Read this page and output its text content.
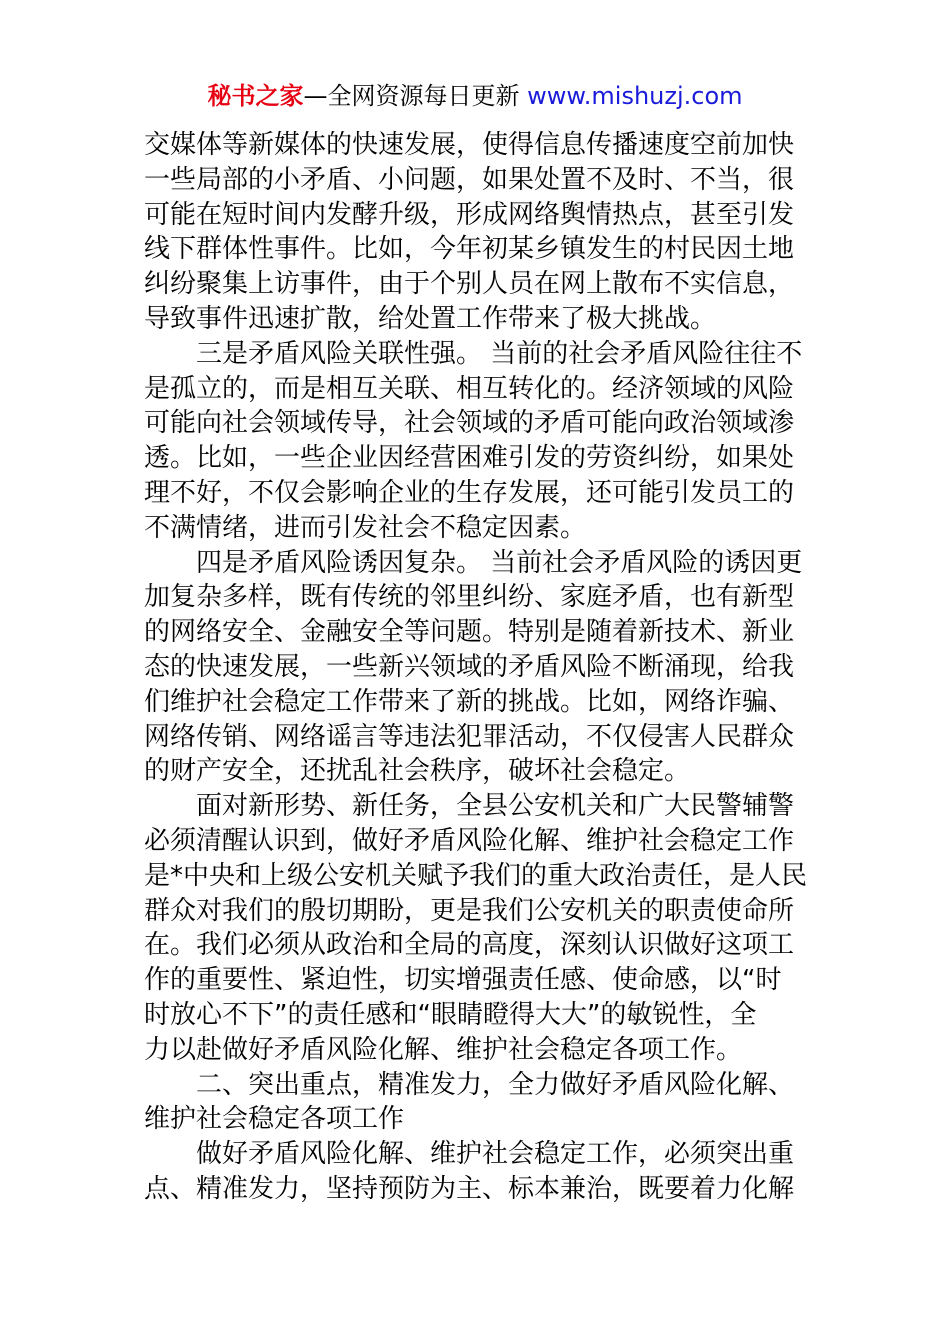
秘书之家—全网资源每日更新 www.mishuzj.com
交媒体等新媒体的快速发展，使得信息传播速度空前加快
一些局部的小矛盾、小问题，如果处置不及时、不当，很
可能在短时间内发酵升级，形成网络舆情热点，甚至引发
线下群体性事件。比如，今年初某乡镇发生的村民因土地
纠纷聚集上访事件，由于个别人员在网上散布不实信息，
导致事件迅速扩散，给处置工作带来了极大挑战。
三是矛盾风险关联性强。 当前的社会矛盾风险往往不
是孤立的，而是相互关联、相互转化的。经济领域的风险
可能向社会领域传导，社会领域的矛盾可能向政治领域渗
透。比如，一些企业因经营困难引发的劳资纠纷，如果处
理不好，不仅会影响企业的生存发展，还可能引发员工的
不满情绪，进而引发社会不稳定因素。
四是矛盾风险诱因复杂。 当前社会矛盾风险的诱因更
加复杂多样，既有传统的邻里纠纷、家庭矛盾，也有新型
的网络安全、金融安全等问题。特别是随着新技术、新业
态的快速发展，一些新兴领域的矛盾风险不断涌现，给我
们维护社会稳定工作带来了新的挑战。比如，网络诈骗、
网络传销、网络谣言等违法犯罪活动，不仅侵害人民群众
的财产安全，还扰乱社会秩序，破坏社会稳定。
面对新形势、新任务，全县公安机关和广大民警辅警
必须清醒认识到，做好矛盾风险化解、维护社会稳定工作
是*中央和上级公安机关赋予我们的重大政治责任，是人民
群众对我们的殷切期盼，更是我们公安机关的职责使命所
在。我们必须从政治和全局的高度，深刻认识做好这项工
作的重要性、紧迫性，切实增强责任感、使命感，以“时
时放心不下”的责任感和“眼睛瞪得大大”的敏锐性，全
力以赴做好矛盾风险化解、维护社会稳定各项工作。
二、突出重点，精准发力，全力做好矛盾风险化解、
维护社会稳定各项工作
做好矛盾风险化解、维护社会稳定工作，必须突出重
点、精准发力，坚持预防为主、标本兼治，既要着力化解
